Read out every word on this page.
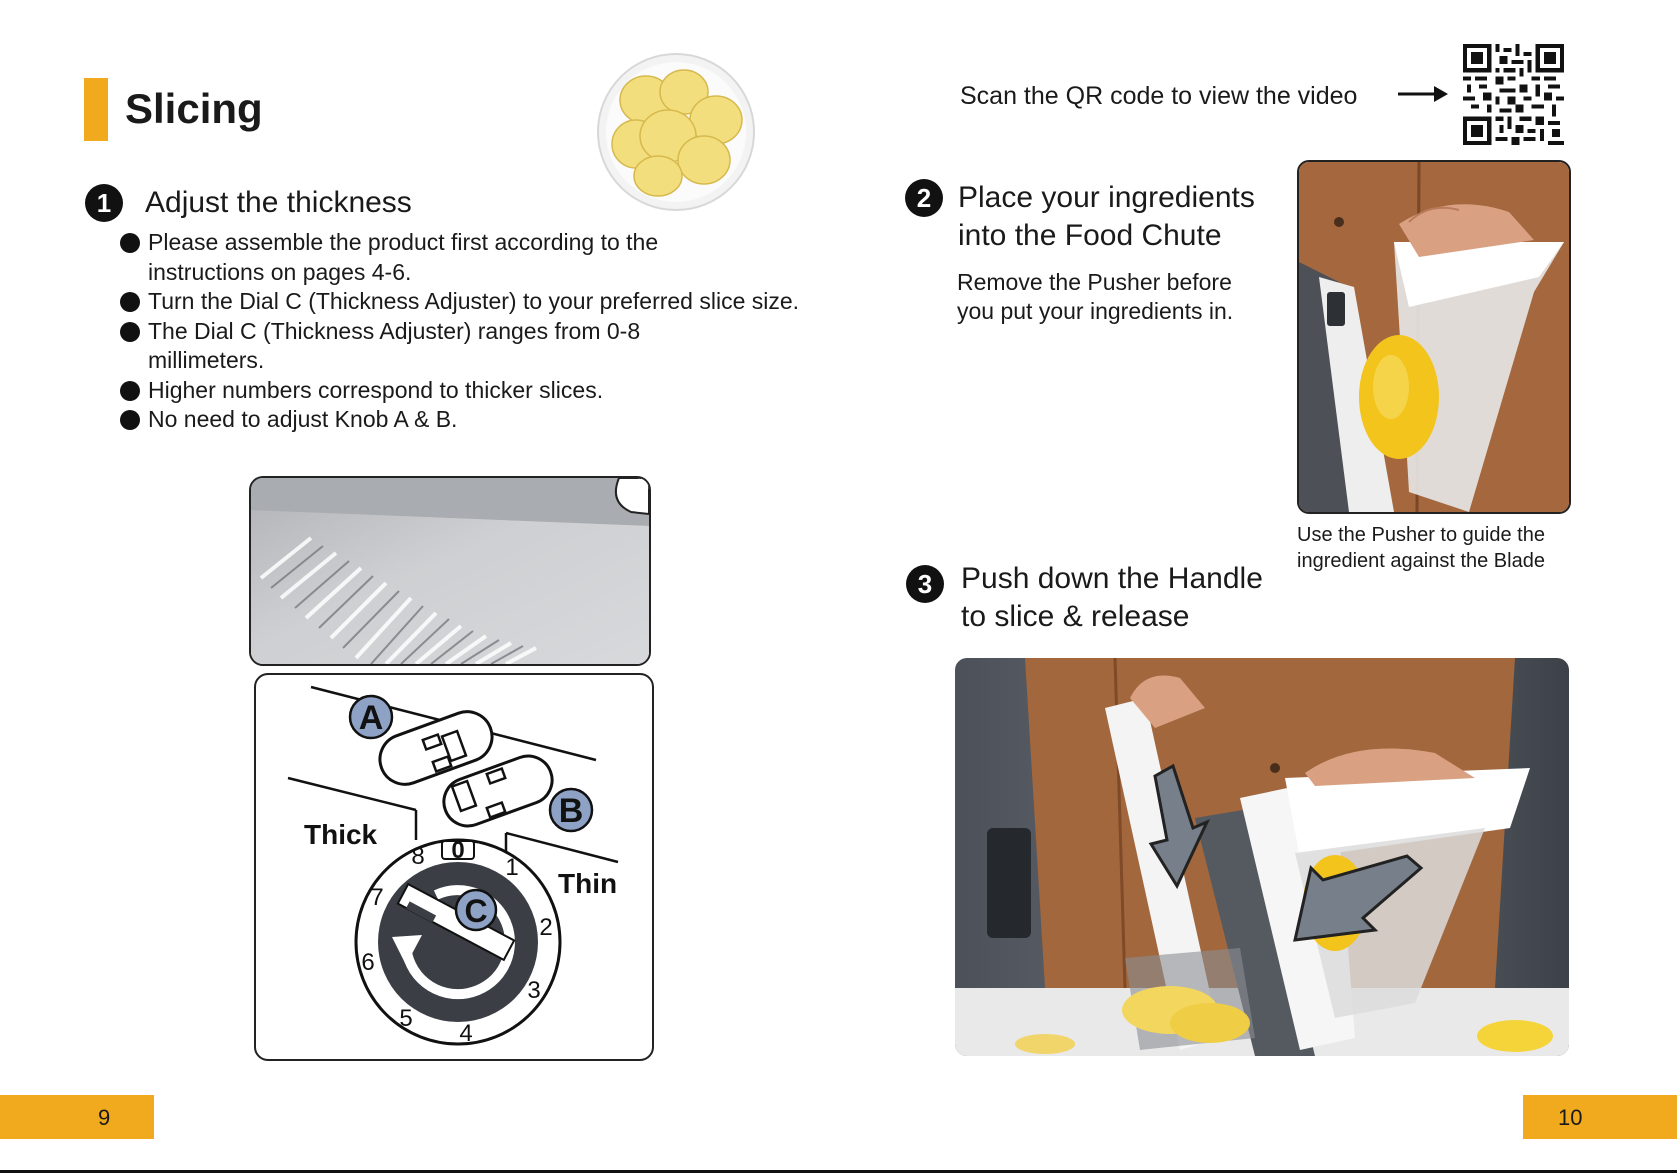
Slicing
1	Adjust the thickness
Please assemble the product first according to the instructions on pages 4-6.
Turn the Dial C (Thickness Adjuster) to your preferred slice size.
The Dial C (Thickness Adjuster) ranges from 0-8 millimeters.
Higher numbers correspond to thicker slices.
No need to adjust Knob A & B.
A
B
Thick
Thin
C
0
1
2
3
4
5
6
7
8
9
Scan the QR code to view the video
2 Place your ingredients
into the Food Chute
Remove the Pusher before
you put your ingredients in.
Use the Pusher to guide the
ingredient against the Blade
3 Push down the Handle
to slice & release
10
